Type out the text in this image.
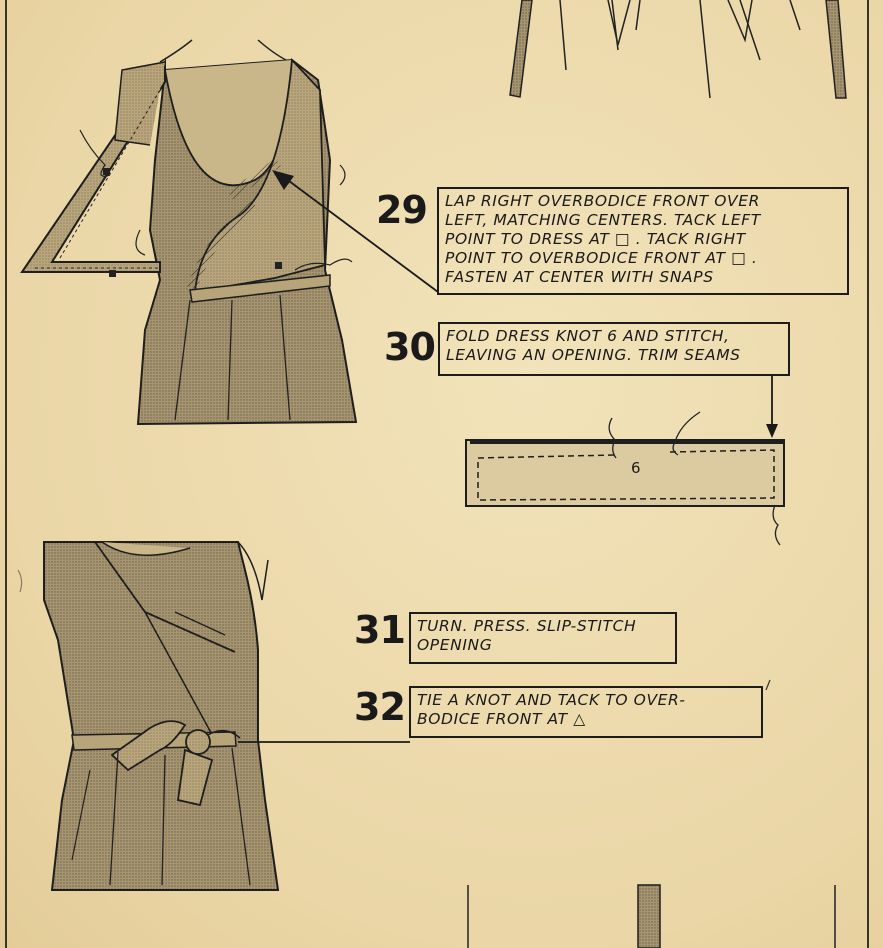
29 LAP RIGHT OVERBODICE FRONT OVER
LEFT, MATCHING CENTERS. TACK LEFT
POINT TO DRESS AT □ . TACK RIGHT
POINT TO OVERBODICE FRONT AT □ .
FASTEN AT CENTER WITH SNAPS
30 FOLD DRESS KNOT 6 AND STITCH,
LEAVING AN OPENING. TRIM SEAMS
6
31 TURN. PRESS. SLIP-STITCH
OPENING
32 TIE A KNOT AND TACK TO OVER-
BODICE FRONT AT △
